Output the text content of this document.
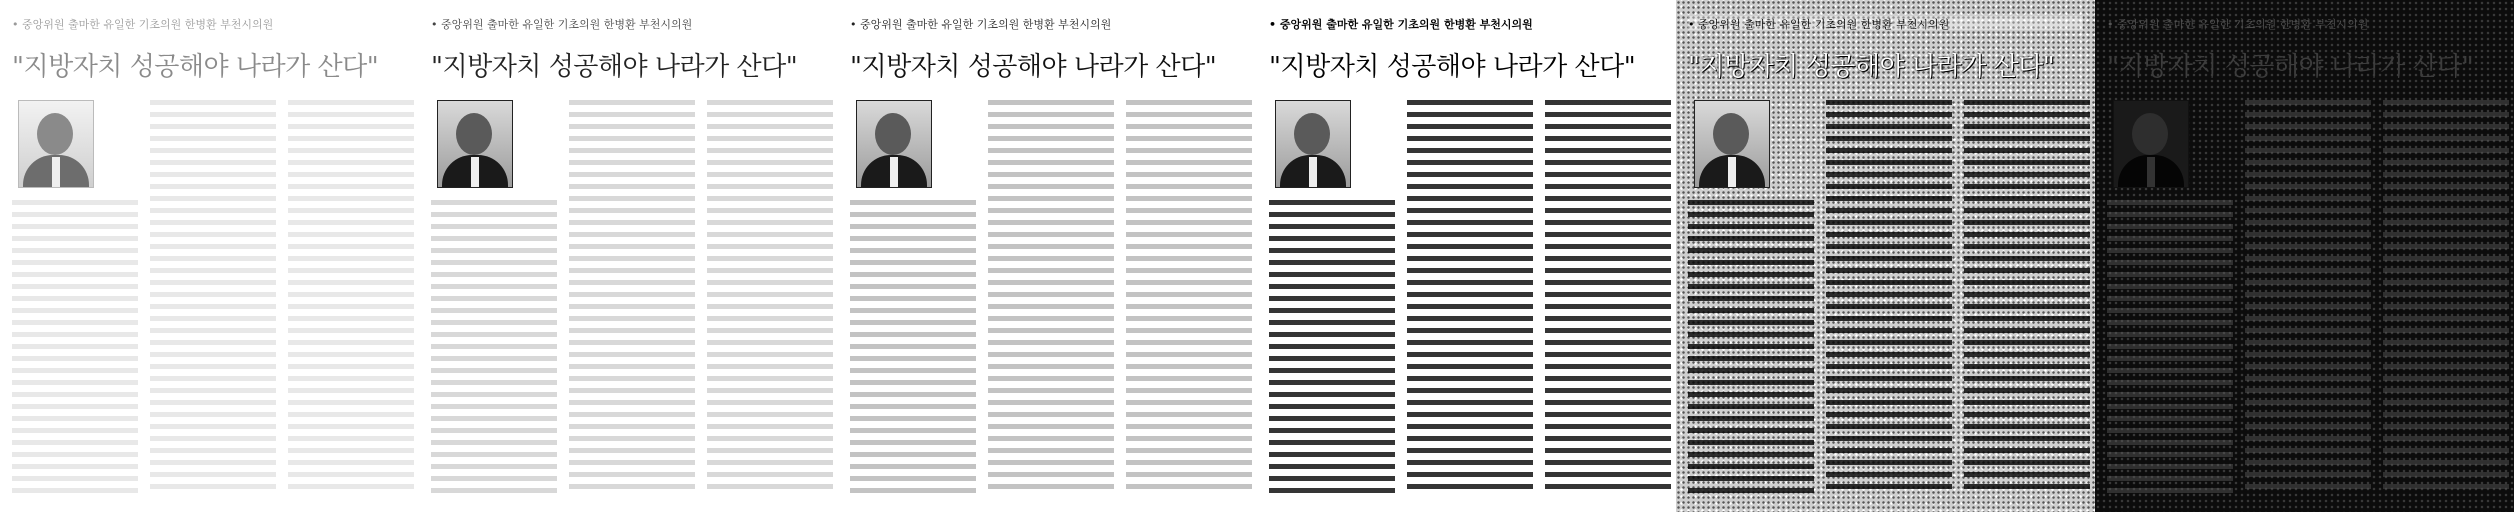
• 중앙위원 출마한 유일한 기초의원 한병환 부천시의원
"지방자치 성공해야 나라가 산다"
• 중앙위원 출마한 유일한 기초의원 한병환 부천시의원
"지방자치 성공해야 나라가 산다"
• 중앙위원 출마한 유일한 기초의원 한병환 부천시의원
"지방자치 성공해야 나라가 산다"
• 중앙위원 출마한 유일한 기초의원 한병환 부천시의원
"지방자치 성공해야 나라가 산다"
• 중앙위원 출마한 유일한 기초의원 한병환 부천시의원
"지방자치 성공해야 나라가 산다"
• 중앙위원 출마한 유일한 기초의원 한병환 부천시의원
"지방자치 성공해야 나라가 산다"
